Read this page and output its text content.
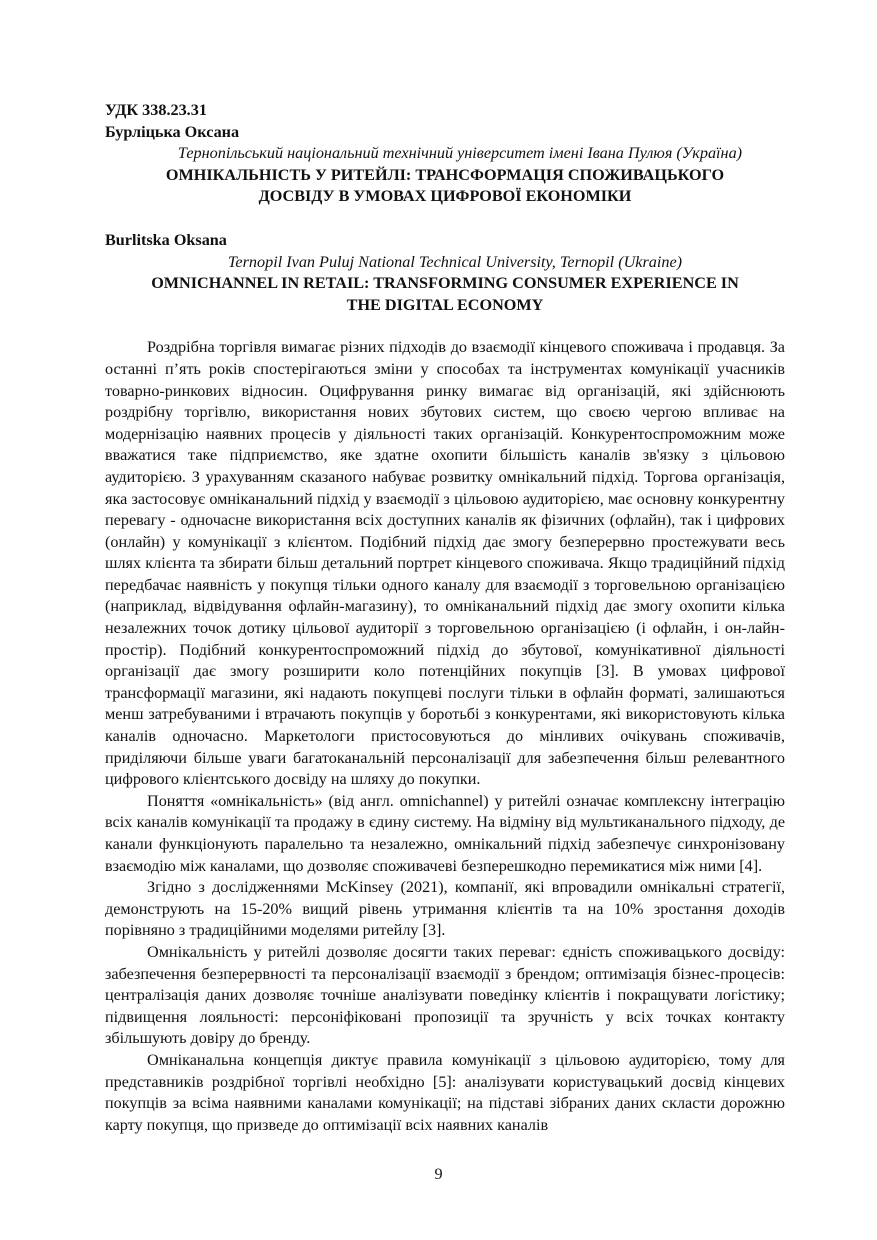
УДК 338.23.31
Бурліцька Оксана
Тернопільський національний технічний університет імені Івана Пулюя (Україна)
ОМНІКАЛЬНІСТЬ У РИТЕЙЛІ: ТРАНСФОРМАЦІЯ СПОЖИВАЦЬКОГО
ДОСВІДУ В УМОВАХ ЦИФРОВОЇ ЕКОНОМІКИ
Burlitska Oksana
Ternopil Ivan Puluj National Technical University, Ternopil (Ukraine)
OMNICHANNEL IN RETAIL: TRANSFORMING CONSUMER EXPERIENCE IN
THE DIGITAL ECONOMY

Роздрібна торгівля вимагає різних підходів до взаємодії кінцевого споживача і продавця. За останні п’ять років спостерігаються зміни у способах та інструментах комунікації учасників товарно-ринкових відносин. Оцифрування ринку вимагає від організацій, які здійснюють роздрібну торгівлю, використання нових збутових систем, що своєю чергою впливає на модернізацію наявних процесів у діяльності таких організацій. Конкурентоспроможним може вважатися таке підприємство, яке здатне охопити більшість каналів зв'язку з цільовою аудиторією. З урахуванням сказаного набуває розвитку омнікальний підхід. Торгова організація, яка застосовує омніканальний підхід у взаємодії з цільовою аудиторією, має основну конкурентну перевагу - одночасне використання всіх доступних каналів як фізичних (офлайн), так і цифрових (онлайн) у комунікації з клієнтом. Подібний підхід дає змогу безперервно простежувати весь шлях клієнта та збирати більш детальний портрет кінцевого споживача. Якщо традиційний підхід передбачає наявність у покупця тільки одного каналу для взаємодії з торговельною організацією (наприклад, відвідування офлайн-магазину), то омніканальний підхід дає змогу охопити кілька незалежних точок дотику цільової аудиторії з торговельною організацією (і офлайн, і он-лайн-простір). Подібний конкурентоспроможний підхід до збутової, комунікативної діяльності організації дає змогу розширити коло потенційних покупців [3]. В умовах цифрової трансформації магазини, які надають покупцеві послуги тільки в офлайн форматі, залишаються менш затребуваними і втрачають покупців у боротьбі з конкурентами, які використовують кілька каналів одночасно. Маркетологи пристосовуються до мінливих очікувань споживачів, приділяючи більше уваги багатоканальній персоналізації для забезпечення більш релевантного цифрового клієнтського досвіду на шляху до покупки.

Поняття «омнікальність» (від англ. omnichannel) у ритейлі означає комплексну інтеграцію всіх каналів комунікації та продажу в єдину систему. На відміну від мультиканального підходу, де канали функціонують паралельно та незалежно, омнікальний підхід забезпечує синхронізовану взаємодію між каналами, що дозволяє споживачеві безперешкодно перемикатися між ними [4].

Згідно з дослідженнями McKinsey (2021), компанії, які впровадили омнікальні стратегії, демонструють на 15-20% вищий рівень утримання клієнтів та на 10% зростання доходів порівняно з традиційними моделями ритейлу [3].

Омнікальність у ритейлі дозволяє досягти таких переваг: єдність споживацького досвіду: забезпечення безперервності та персоналізації взаємодії з брендом; оптимізація бізнес-процесів: централізація даних дозволяє точніше аналізувати поведінку клієнтів і покращувати логістику; підвищення лояльності: персоніфіковані пропозиції та зручність у всіх точках контакту збільшують довіру до бренду.

Омніканальна концепція диктує правила комунікації з цільовою аудиторією, тому для представників роздрібної торгівлі необхідно [5]: аналізувати користувацький досвід кінцевих покупців за всіма наявними каналами комунікації; на підставі зібраних даних скласти дорожню карту покупця, що призведе до оптимізації всіх наявних каналів

9
